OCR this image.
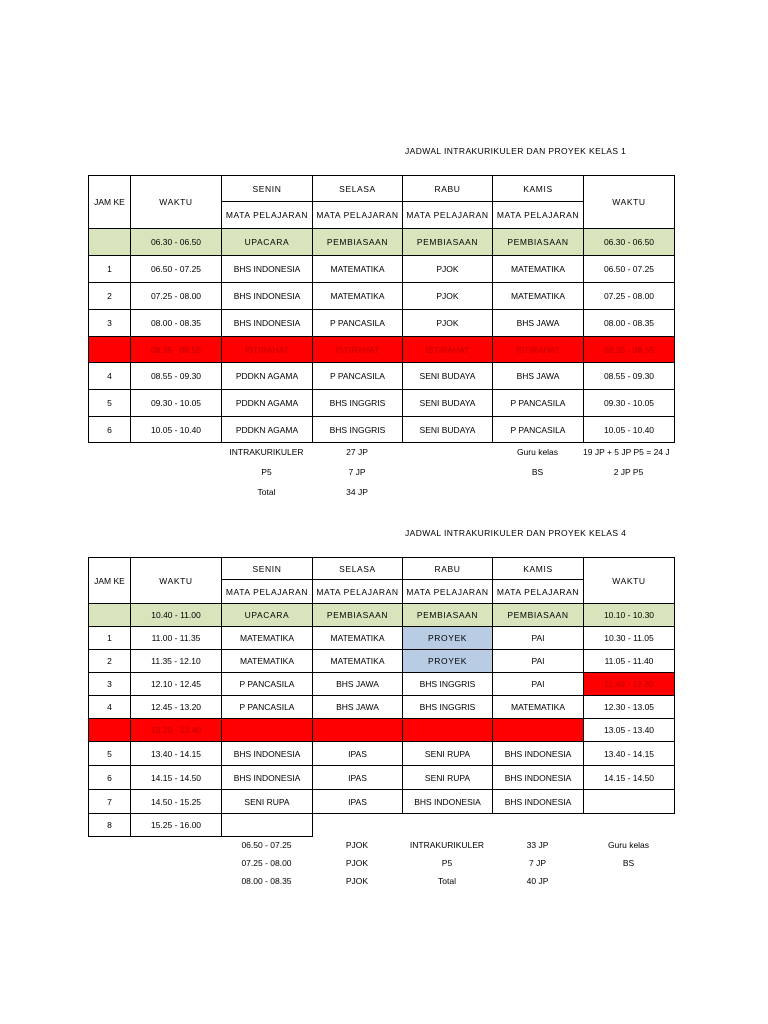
JADWAL INTRAKURIKULER DAN PROYEK KELAS 1
JAM KE	WAKTU	SENIN	SELASA	RABU	KAMIS	WAKTU
		MATA PELAJARAN	MATA PELAJARAN	MATA PELAJARAN	MATA PELAJARAN	
	06.30 - 06.50	UPACARA	PEMBIASAAN	PEMBIASAAN	PEMBIASAAN	06.30 - 06.50
1	06.50 - 07.25	BHS INDONESIA	MATEMATIKA	PJOK	MATEMATIKA	06.50 - 07.25
2	07.25 - 08.00	BHS INDONESIA	MATEMATIKA	PJOK	MATEMATIKA	07.25 - 08.00
3	08.00 - 08.35	BHS INDONESIA	P PANCASILA	PJOK	BHS JAWA	08.00 - 08.35
	08.35 - 08.55	ISTIRAHAT	ISTIRAHAT	ISTIRAHAT	ISTIRAHAT	08.35 - 08.55
4	08.55 - 09.30	PDDKN AGAMA	P PANCASILA	SENI BUDAYA	BHS JAWA	08.55 - 09.30
5	09.30 - 10.05	PDDKN AGAMA	BHS INGGRIS	SENI BUDAYA	P PANCASILA	09.30 - 10.05
6	10.05 - 10.40	PDDKN AGAMA	BHS INGGRIS	SENI BUDAYA	P PANCASILA	10.05 - 10.40
INTRAKURIKULER	27 JP
P5	7 JP
Total	34 JP
Guru kelas	19 JP + 5 JP P5 = 24 J
BS	2 JP P5
JADWAL INTRAKURIKULER DAN PROYEK KELAS 4
JAM KE	WAKTU	SENIN	SELASA	RABU	KAMIS	WAKTU
		MATA PELAJARAN	MATA PELAJARAN	MATA PELAJARAN	MATA PELAJARAN	
	10.40 - 11.00	UPACARA	PEMBIASAAN	PEMBIASAAN	PEMBIASAAN	10.10 - 10.30
1	11.00 - 11.35	MATEMATIKA	MATEMATIKA	PROYEK	PAI	10.30 - 11.05
2	11.35 - 12.10	MATEMATIKA	MATEMATIKA	PROYEK	PAI	11.05 - 11.40
3	12.10 - 12.45	P PANCASILA	BHS JAWA	BHS INGGRIS	PAI	11.40 - 12.30
4	12.45 - 13.20	P PANCASILA	BHS JAWA	BHS INGGRIS	MATEMATIKA	12.30 - 13.05
	13.20 - 13.40					13.05 - 13.40
5	13.40 - 14.15	BHS INDONESIA	IPAS	SENI RUPA	BHS INDONESIA	13.40 - 14.15
6	14.15 - 14.50	BHS INDONESIA	IPAS	SENI RUPA	BHS INDONESIA	14.15 - 14.50
7	14.50 - 15.25	SENI RUPA	IPAS	BHS INDONESIA	BHS INDONESIA	
8	15.25 - 16.00					
06.50 - 07.25	PJOK	INTRAKURIKULER	33 JP	Guru kelas
07.25 - 08.00	PJOK	P5	7 JP	BS
08.00 - 08.35	PJOK	Total	40 JP
